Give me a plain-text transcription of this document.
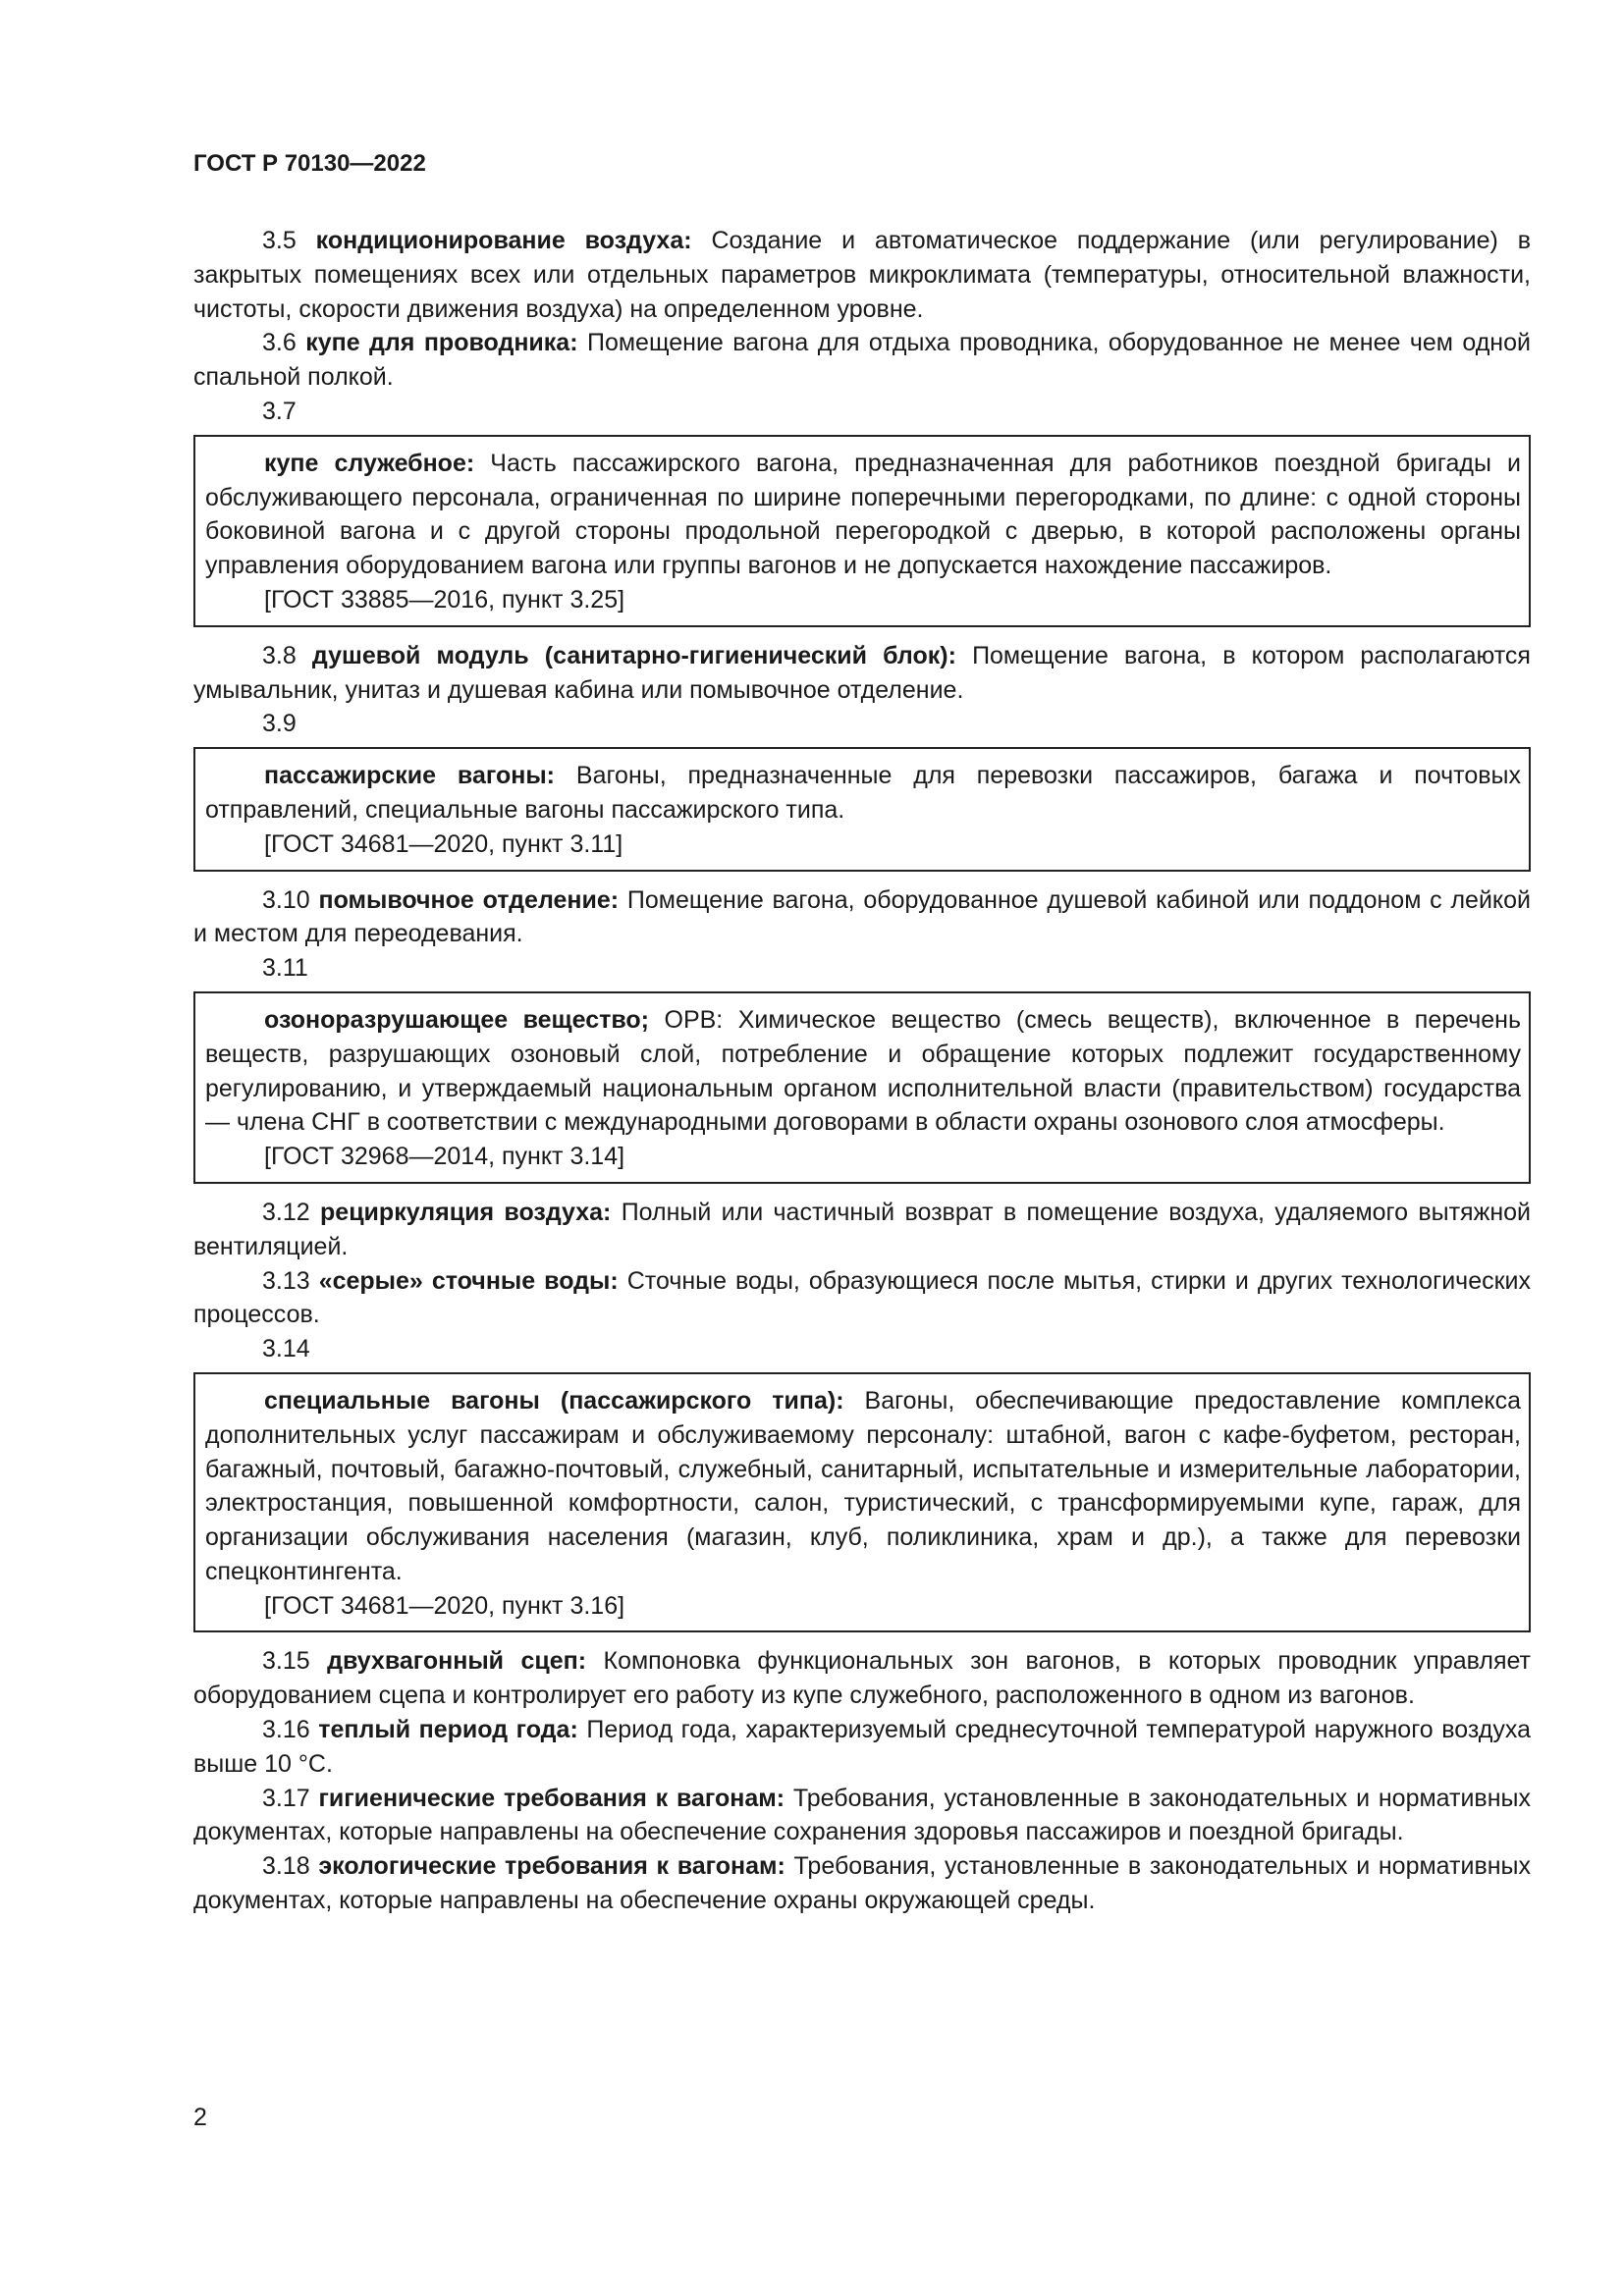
ГОСТ Р 70130—2022

3.5 кондиционирование воздуха: Создание и автоматическое поддержание (или регулирование) в закрытых помещениях всех или отдельных параметров микроклимата (температуры, относительной влажности, чистоты, скорости движения воздуха) на определенном уровне.

3.6 купе для проводника: Помещение вагона для отдыха проводника, оборудованное не менее чем одной спальной полкой.

3.7

купе служебное: Часть пассажирского вагона, предназначенная для работников поездной бригады и обслуживающего персонала, ограниченная по ширине поперечными перегородками, по длине: с одной стороны боковиной вагона и с другой стороны продольной перегородкой с дверью, в которой расположены органы управления оборудованием вагона или группы вагонов и не допускается нахождение пассажиров.

[ГОСТ 33885—2016, пункт 3.25]

3.8 душевой модуль (санитарно-гигиенический блок): Помещение вагона, в котором располагаются умывальник, унитаз и душевая кабина или помывочное отделение.

3.9

пассажирские вагоны: Вагоны, предназначенные для перевозки пассажиров, багажа и почтовых отправлений, специальные вагоны пассажирского типа.

[ГОСТ 34681—2020, пункт 3.11]

3.10 помывочное отделение: Помещение вагона, оборудованное душевой кабиной или поддоном с лейкой и местом для переодевания.

3.11

озоноразрушающее вещество; ОРВ: Химическое вещество (смесь веществ), включенное в перечень веществ, разрушающих озоновый слой, потребление и обращение которых подлежит государственному регулированию, и утверждаемый национальным органом исполнительной власти (правительством) государства — члена СНГ в соответствии с международными договорами в области охраны озонового слоя атмосферы.

[ГОСТ 32968—2014, пункт 3.14]

3.12 рециркуляция воздуха: Полный или частичный возврат в помещение воздуха, удаляемого вытяжной вентиляцией.

3.13 «серые» сточные воды: Сточные воды, образующиеся после мытья, стирки и других технологических процессов.

3.14

специальные вагоны (пассажирского типа): Вагоны, обеспечивающие предоставление комплекса дополнительных услуг пассажирам и обслуживаемому персоналу: штабной, вагон с кафе-буфетом, ресторан, багажный, почтовый, багажно-почтовый, служебный, санитарный, испытательные и измерительные лаборатории, электростанция, повышенной комфортности, салон, туристический, с трансформируемыми купе, гараж, для организации обслуживания населения (магазин, клуб, поликлиника, храм и др.), а также для перевозки спецконтингента.

[ГОСТ 34681—2020, пункт 3.16]

3.15 двухвагонный сцеп: Компоновка функциональных зон вагонов, в которых проводник управляет оборудованием сцепа и контролирует его работу из купе служебного, расположенного в одном из вагонов.

3.16 теплый период года: Период года, характеризуемый среднесуточной температурой наружного воздуха выше 10 °С.

3.17 гигиенические требования к вагонам: Требования, установленные в законодательных и нормативных документах, которые направлены на обеспечение сохранения здоровья пассажиров и поездной бригады.

3.18 экологические требования к вагонам: Требования, установленные в законодательных и нормативных документах, которые направлены на обеспечение охраны окружающей среды.

2
